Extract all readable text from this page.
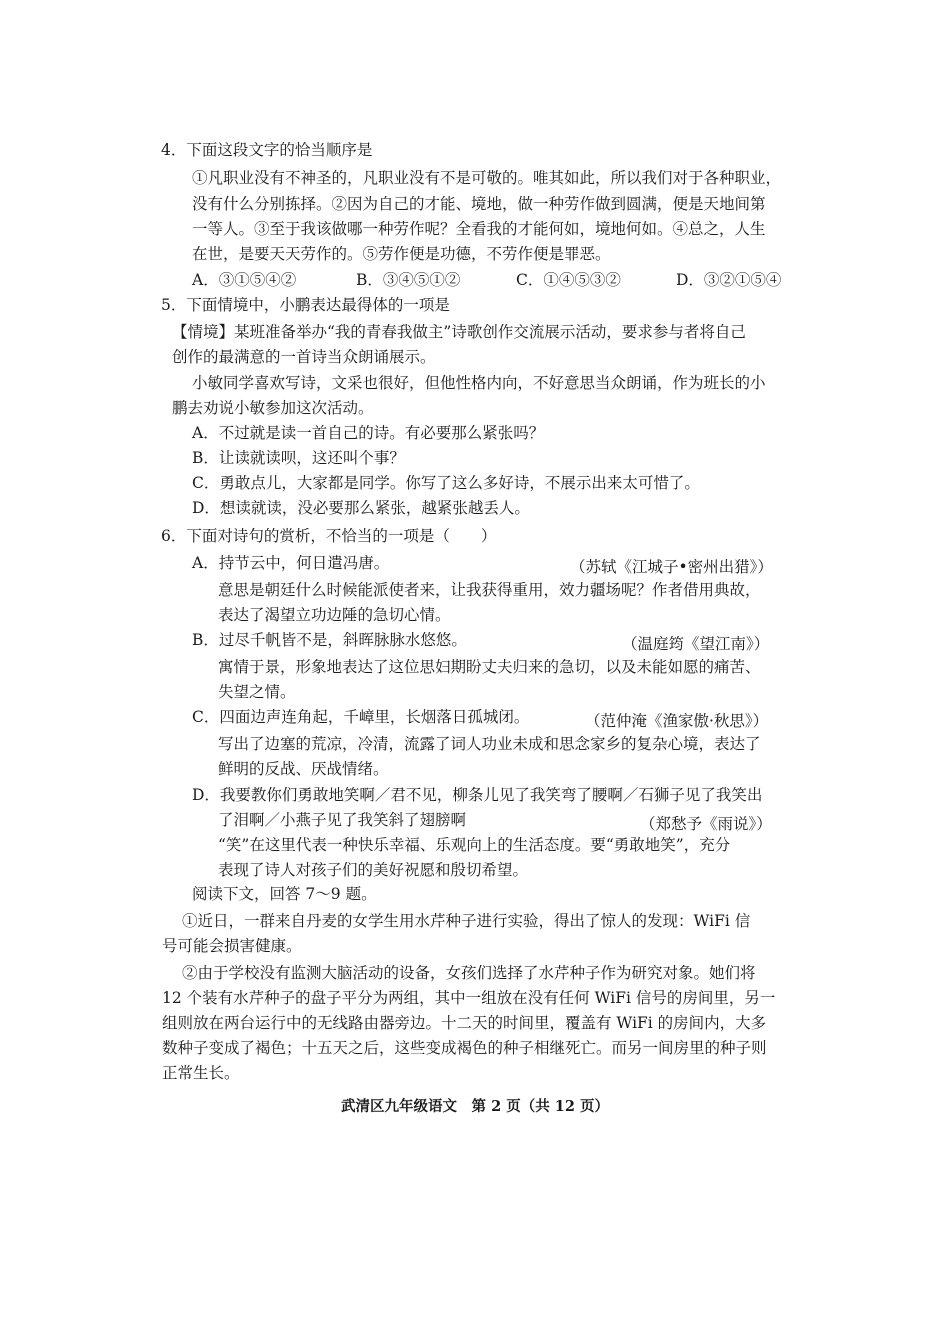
4．下面这段文字的恰当顺序是
①凡职业没有不神圣的，凡职业没有不是可敬的。唯其如此，所以我们对于各种职业，
没有什么分别拣择。②因为自己的才能、境地，做一种劳作做到圆满，便是天地间第
一等人。③至于我该做哪一种劳作呢？全看我的才能何如，境地何如。④总之，人生
在世，是要天天劳作的。⑤劳作便是功德，不劳作便是罪恶。
A．③①⑤④②	B．③④⑤①②	C．①④⑤③②	D．③②①⑤④
5．下面情境中，小鹏表达最得体的一项是
【情境】某班准备举办“我的青春我做主”诗歌创作交流展示活动，要求参与者将自己
创作的最满意的一首诗当众朗诵展示。
小敏同学喜欢写诗，文采也很好，但他性格内向，不好意思当众朗诵，作为班长的小
鹏去劝说小敏参加这次活动。
A．不过就是读一首自己的诗。有必要那么紧张吗？
B．让读就读呗，这还叫个事？
C．勇敢点儿，大家都是同学。你写了这么多好诗，不展示出来太可惜了。
D．想读就读，没必要那么紧张，越紧张越丢人。
6．下面对诗句的赏析，不恰当的一项是（　　）
A．持节云中，何日遣冯唐。	（苏轼《江城子•密州出猎》）
意思是朝廷什么时候能派使者来，让我获得重用，效力疆场呢？作者借用典故，
表达了渴望立功边陲的急切心情。
B．过尽千帆皆不是，斜晖脉脉水悠悠。	（温庭筠《望江南》）
寓情于景，形象地表达了这位思妇期盼丈夫归来的急切，以及未能如愿的痛苦、
失望之情。
C．四面边声连角起，千嶂里，长烟落日孤城闭。	（范仲淹《渔家傲·秋思》）
写出了边塞的荒凉，冷清，流露了词人功业未成和思念家乡的复杂心境，表达了
鲜明的反战、厌战情绪。
D．我要教你们勇敢地笑啊／君不见，柳条儿见了我笑弯了腰啊／石狮子见了我笑出
了泪啊／小燕子见了我笑斜了翅膀啊	（郑愁予《雨说》）
“笑”在这里代表一种快乐幸福、乐观向上的生活态度。要“勇敢地笑”，充分
表现了诗人对孩子们的美好祝愿和殷切希望。
阅读下文，回答 7～9 题。
①近日，一群来自丹麦的女学生用水芹种子进行实验，得出了惊人的发现：WiFi 信
号可能会损害健康。
②由于学校没有监测大脑活动的设备，女孩们选择了水芹种子作为研究对象。她们将
12 个装有水芹种子的盘子平分为两组，其中一组放在没有任何 WiFi 信号的房间里，另一
组则放在两台运行中的无线路由器旁边。十二天的时间里，覆盖有 WiFi 的房间内，大多
数种子变成了褐色；十五天之后，这些变成褐色的种子相继死亡。而另一间房里的种子则
正常生长。
武清区九年级语文　第 2 页（共 12 页）
